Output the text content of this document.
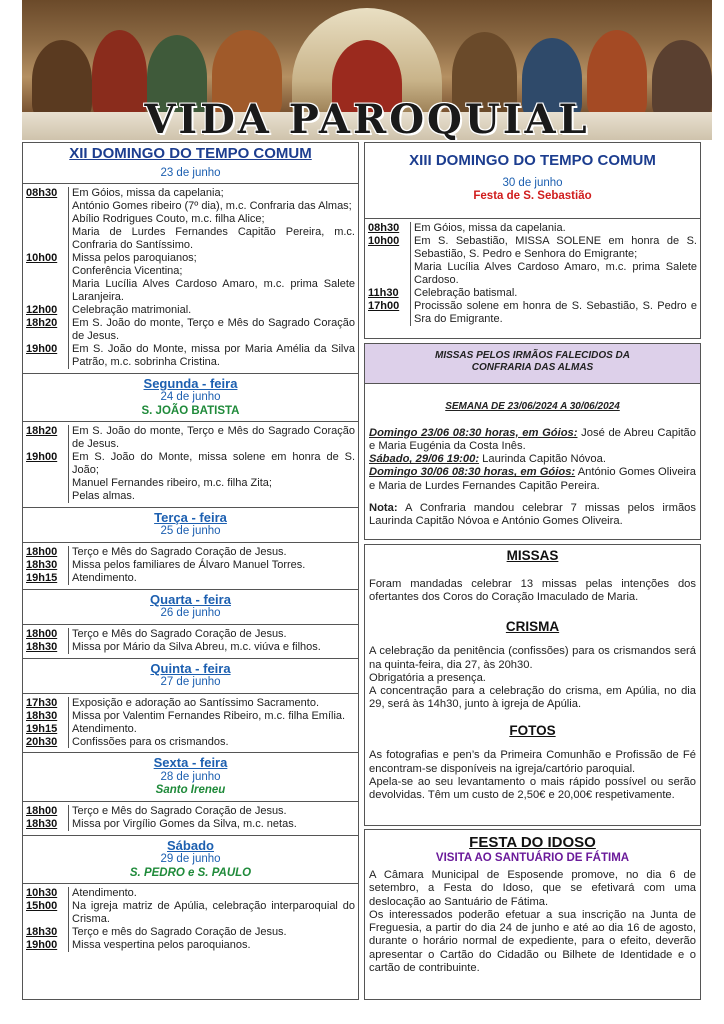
VIDA PAROQUIAL
XII DOMINGO DO TEMPO COMUM
23 de junho
08h30	Em Góios, missa da capelania;
António Gomes ribeiro (7º dia), m.c. Confraria das Almas;
Abílio Rodrigues Couto, m.c. filha Alice;
Maria de Lurdes Fernandes Capitão Pereira, m.c. Confraria do Santíssimo.
10h00	Missa pelos paroquianos;
Conferência Vicentina;
Maria Lucília Alves Cardoso Amaro, m.c. prima Salete Laranjeira.
12h00	Celebração matrimonial.
18h20	Em S. João do monte, Terço e Mês do Sagrado Coração de Jesus.
19h00	Em S. João do Monte, missa por Maria Amélia da Silva Patrão, m.c. sobrinha Cristina.
Segunda - feira
24 de junho
S. JOÃO BATISTA
18h20	Em S. João do monte, Terço e Mês do Sagrado Coração de Jesus.
19h00	Em S. João do Monte, missa solene em honra de S. João;
Manuel Fernandes ribeiro, m.c. filha Zita;
Pelas almas.
Terça - feira
25 de junho
18h00	Terço e Mês do Sagrado Coração de Jesus.
18h30	Missa pelos familiares de Álvaro Manuel Torres.
19h15	Atendimento.
Quarta - feira
26 de junho
18h00	Terço e Mês do Sagrado Coração de Jesus.
18h30	Missa por Mário da Silva Abreu, m.c. viúva e filhos.
Quinta - feira
27 de junho
17h30	Exposição e adoração ao Santíssimo Sacramento.
18h30	Missa por Valentim Fernandes Ribeiro, m.c. filha Emília.
19h15	Atendimento.
20h30	Confissões para os crismandos.
Sexta - feira
28 de junho
Santo Ireneu
18h00	Terço e Mês do Sagrado Coração de Jesus.
18h30	Missa por Virgílio Gomes da Silva, m.c. netas.
Sábado
29 de junho
S. PEDRO e S. PAULO
10h30	Atendimento.
15h00	Na igreja matriz de Apúlia, celebração interparoquial do Crisma.
18h30	Terço e mês do Sagrado Coração de Jesus.
19h00	Missa vespertina pelos paroquianos.
XIII DOMINGO DO TEMPO COMUM
30 de junho
Festa de S. Sebastião
08h30	Em Góios, missa da capelania.
10h00	Em S. Sebastião, MISSA SOLENE em honra de S. Sebastião, S. Pedro e Senhora do Emigrante;
Maria Lucília Alves Cardoso Amaro, m.c. prima Salete Cardoso.
11h30	Celebração batismal.
17h00	Procissão solene em honra de S. Sebastião, S. Pedro e Sra do Emigrante.
MISSAS PELOS IRMÃOS FALECIDOS DA
CONFRARIA DAS ALMAS
SEMANA DE 23/06/2024 A 30/06/2024
Domingo 23/06 08:30 horas, em Góios: José de Abreu Capitão e Maria Eugénia da Costa Inês.
Sábado, 29/06 19:00: Laurinda Capitão Nóvoa.
Domingo 30/06 08:30 horas, em Góios: António Gomes Oliveira e Maria de Lurdes Fernandes Capitão Pereira.
Nota: A Confraria mandou celebrar 7 missas pelos irmãos Laurinda Capitão Nóvoa e António Gomes Oliveira.
MISSAS
Foram mandadas celebrar 13 missas pelas intenções dos ofertantes dos Coros do Coração Imaculado de Maria.
CRISMA
A celebração da penitência (confissões) para os crismandos será na quinta-feira, dia 27, às 20h30.
Obrigatória a presença.
A concentração para a celebração do crisma, em Apúlia, no dia 29, será às 14h30, junto à igreja de Apúlia.
FOTOS
As fotografias e pen’s da Primeira Comunhão e Profissão de Fé encontram-se disponíveis na igreja/cartório paroquial.
Apela-se ao seu levantamento o mais rápido possível ou serão devolvidas. Têm um custo de 2,50€ e 20,00€ respetivamente.
FESTA DO IDOSO
VISITA AO SANTUÁRIO DE FÁTIMA
A Câmara Municipal de Esposende promove, no dia 6 de setembro, a Festa do Idoso, que se efetivará com uma deslocação ao Santuário de Fátima.
Os interessados poderão efetuar a sua inscrição na Junta de Freguesia, a partir do dia 24 de junho e até ao dia 16 de agosto, durante o horário normal de expediente, para o efeito, deverão apresentar o Cartão do Cidadão ou Bilhete de Identidade e o cartão de contribuinte.
